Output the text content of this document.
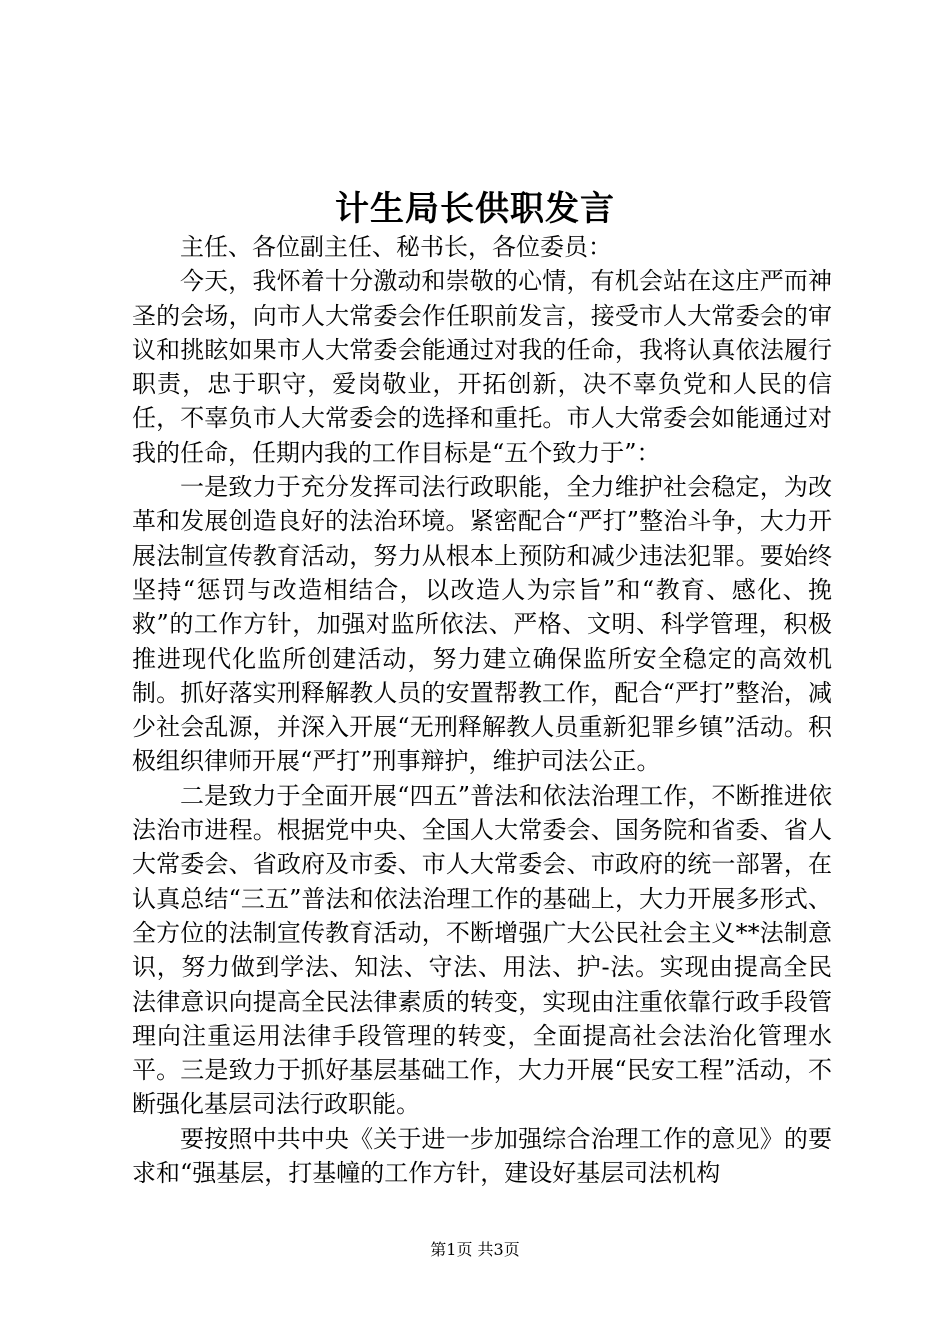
计生局长供职发言

主任、各位副主任、秘书长，各位委员：

今天，我怀着十分激动和崇敬的心情，有机会站在这庄严而神圣的会场，向市人大常委会作任职前发言，接受市人大常委会的审议和挑眩如果市人大常委会能通过对我的任命，我将认真依法履行职责，忠于职守，爱岗敬业，开拓创新，决不辜负党和人民的信任，不辜负市人大常委会的选择和重托。市人大常委会如能通过对我的任命，任期内我的工作目标是“五个致力于”：

一是致力于充分发挥司法行政职能，全力维护社会稳定，为改革和发展创造良好的法治环境。紧密配合“严打”整治斗争，大力开展法制宣传教育活动，努力从根本上预防和减少违法犯罪。要始终坚持“惩罚与改造相结合，以改造人为宗旨”和“教育、感化、挽救”的工作方针，加强对监所依法、严格、文明、科学管理，积极推进现代化监所创建活动，努力建立确保监所安全稳定的高效机制。抓好落实刑释解教人员的安置帮教工作，配合“严打”整治，减少社会乱源，并深入开展“无刑释解教人员重新犯罪乡镇”活动。积极组织律师开展“严打”刑事辩护，维护司法公正。

二是致力于全面开展“四五”普法和依法治理工作，不断推进依法治市进程。根据党中央、全国人大常委会、国务院和省委、省人大常委会、省政府及市委、市人大常委会、市政府的统一部署，在认真总结“三五”普法和依法治理工作的基础上，大力开展多形式、全方位的法制宣传教育活动，不断增强广大公民社会主义**法制意识，努力做到学法、知法、守法、用法、护-法。实现由提高全民法律意识向提高全民法律素质的转变，实现由注重依靠行政手段管理向注重运用法律手段管理的转变，全面提高社会法治化管理水平。三是致力于抓好基层基础工作，大力开展“民安工程”活动，不断强化基层司法行政职能。

要按照中共中央《关于进一步加强综合治理工作的意见》的要求和“强基层，打基幢的工作方针，建设好基层司法机构

第1页 共3页
